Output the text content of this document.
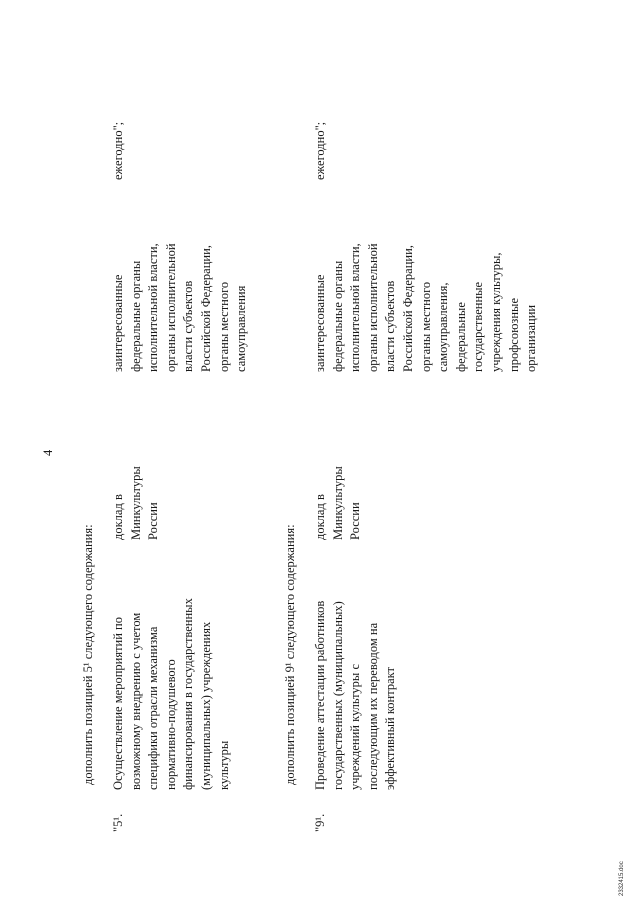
4
дополнить позицией 5¹ следующего содержания:
"5¹.
Осуществление мероприятий по возможному внедрению с учетом специфики отрасли механизма нормативно-подушевого финансирования в государственных (муниципальных) учреждениях культуры
доклад в Минкультуры России
заинтересованные федеральные органы исполнительной власти, органы исполнительной власти субъектов Российской Федерации, органы местного самоуправления
ежегодно";
дополнить позицией 9¹ следующего содержания:
"9¹.
Проведение аттестации работников государственных (муниципальных) учреждений культуры с последующим их переводом на эффективный контракт
доклад в Минкультуры России
заинтересованные федеральные органы исполнительной власти, органы исполнительной власти субъектов Российской Федерации, органы местного самоуправления, федеральные государственные учреждения культуры, профсоюзные организации
ежегодно";
2332415.doc
